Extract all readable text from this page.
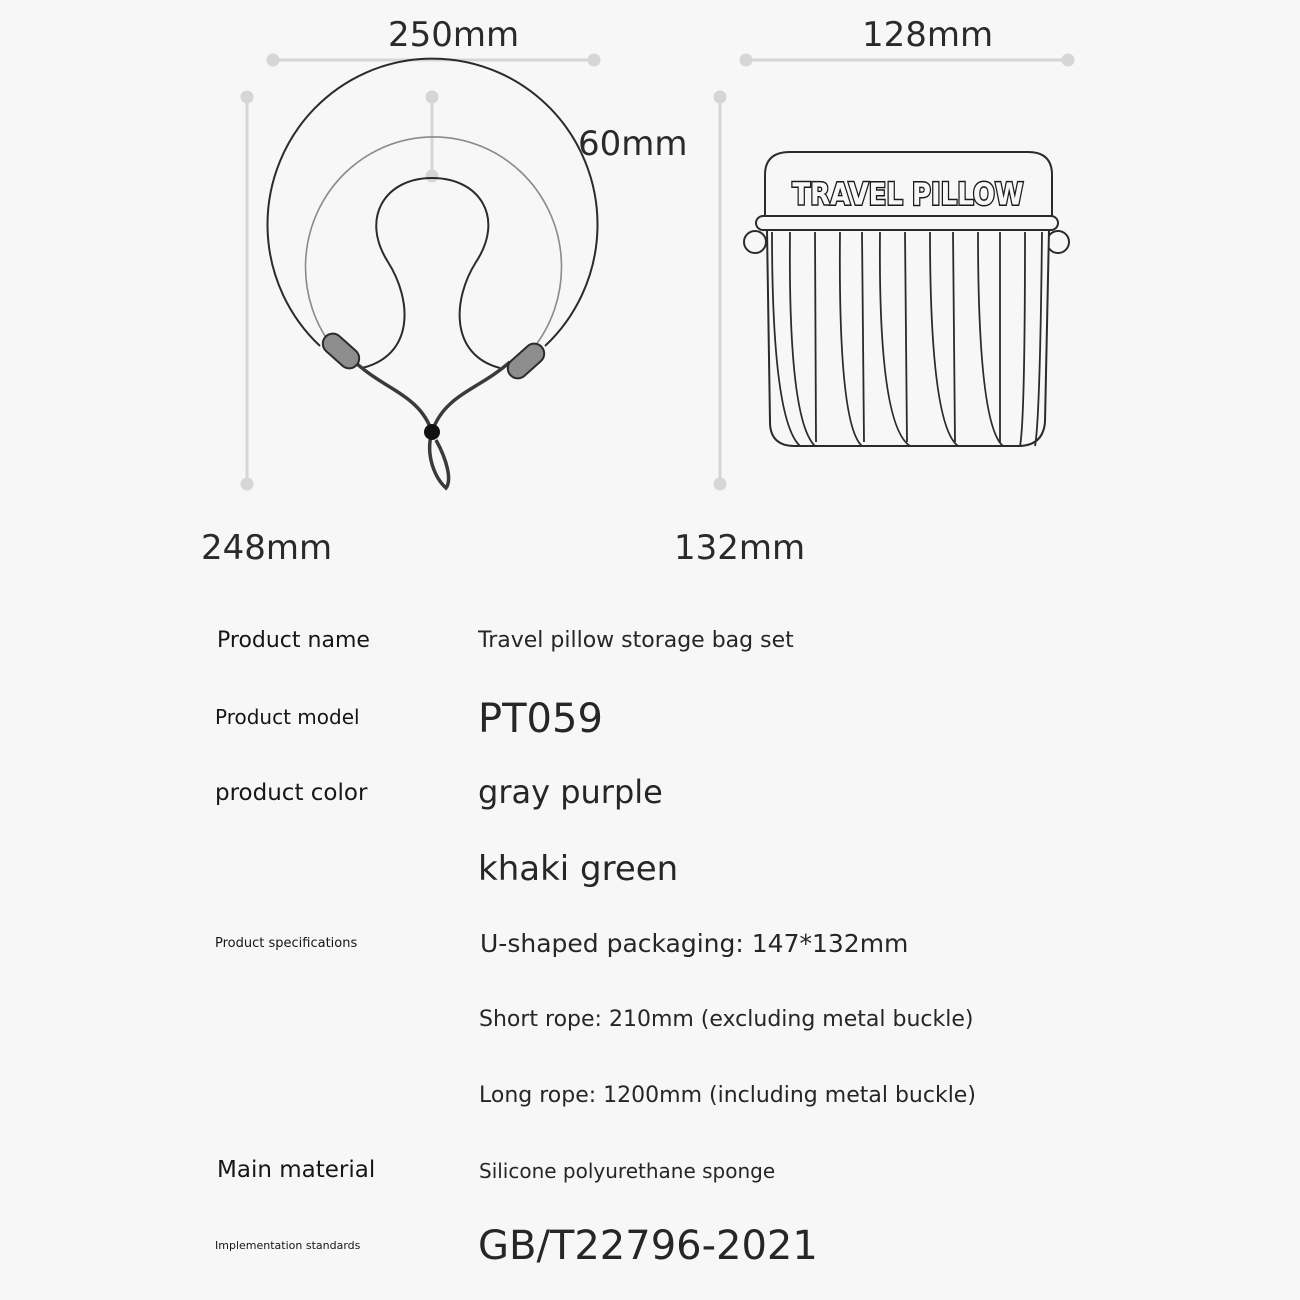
TRAVEL PILLOW
250mm	128mm
60mm
248mm	132mm
Product name	Travel pillow storage bag set
Product model	PT059
product color	gray purple
khaki green
Product specifications	U-shaped packaging: 147*132mm
Short rope: 210mm (excluding metal buckle)
Long rope: 1200mm (including metal buckle)
Main material	Silicone polyurethane sponge
Implementation standards	GB/T22796-2021
